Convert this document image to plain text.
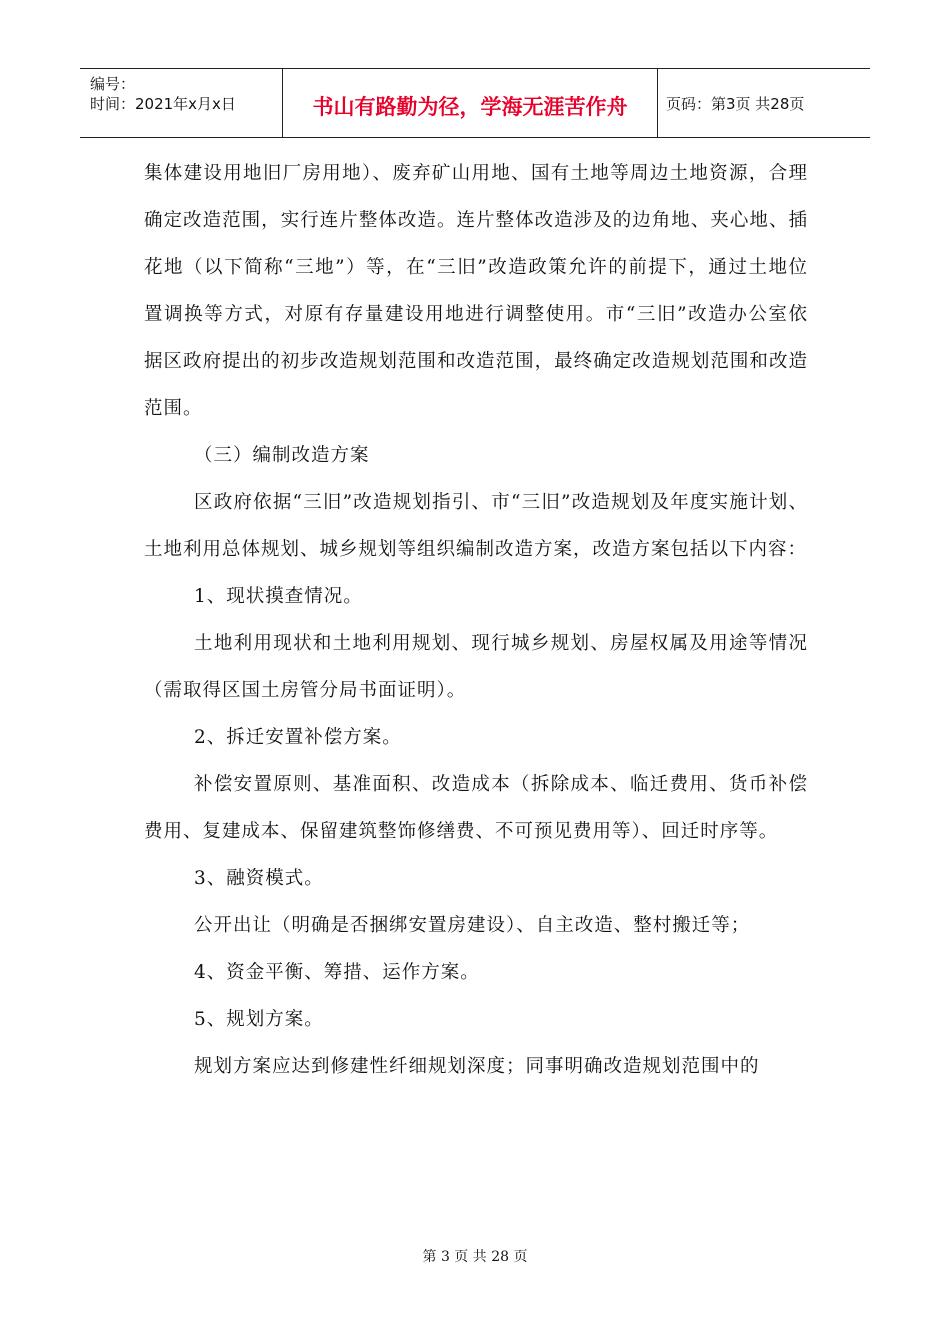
编号：
时间：2021年x月x日	书山有路勤为径，学海无涯苦作舟	页码：第3页 共28页

集体建设用地旧厂房用地）、废弃矿山用地、国有土地等周边土地资源，合理确定改造范围，实行连片整体改造。连片整体改造涉及的边角地、夹心地、插花地（以下简称“三地”）等，在“三旧”改造政策允许的前提下，通过土地位置调换等方式，对原有存量建设用地进行调整使用。市“三旧”改造办公室依据区政府提出的初步改造规划范围和改造范围，最终确定改造规划范围和改造范围。

（三）编制改造方案

区政府依据“三旧”改造规划指引、市“三旧”改造规划及年度实施计划、土地利用总体规划、城乡规划等组织编制改造方案，改造方案包括以下内容：

1、现状摸查情况。

土地利用现状和土地利用规划、现行城乡规划、房屋权属及用途等情况（需取得区国土房管分局书面证明）。

2、拆迁安置补偿方案。

补偿安置原则、基准面积、改造成本（拆除成本、临迁费用、货币补偿费用、复建成本、保留建筑整饰修缮费、不可预见费用等）、回迁时序等。

3、融资模式。

公开出让（明确是否捆绑安置房建设）、自主改造、整村搬迁等；

4、资金平衡、筹措、运作方案。

5、规划方案。

规划方案应达到修建性纤细规划深度；同事明确改造规划范围中的

第 3 页 共 28 页
